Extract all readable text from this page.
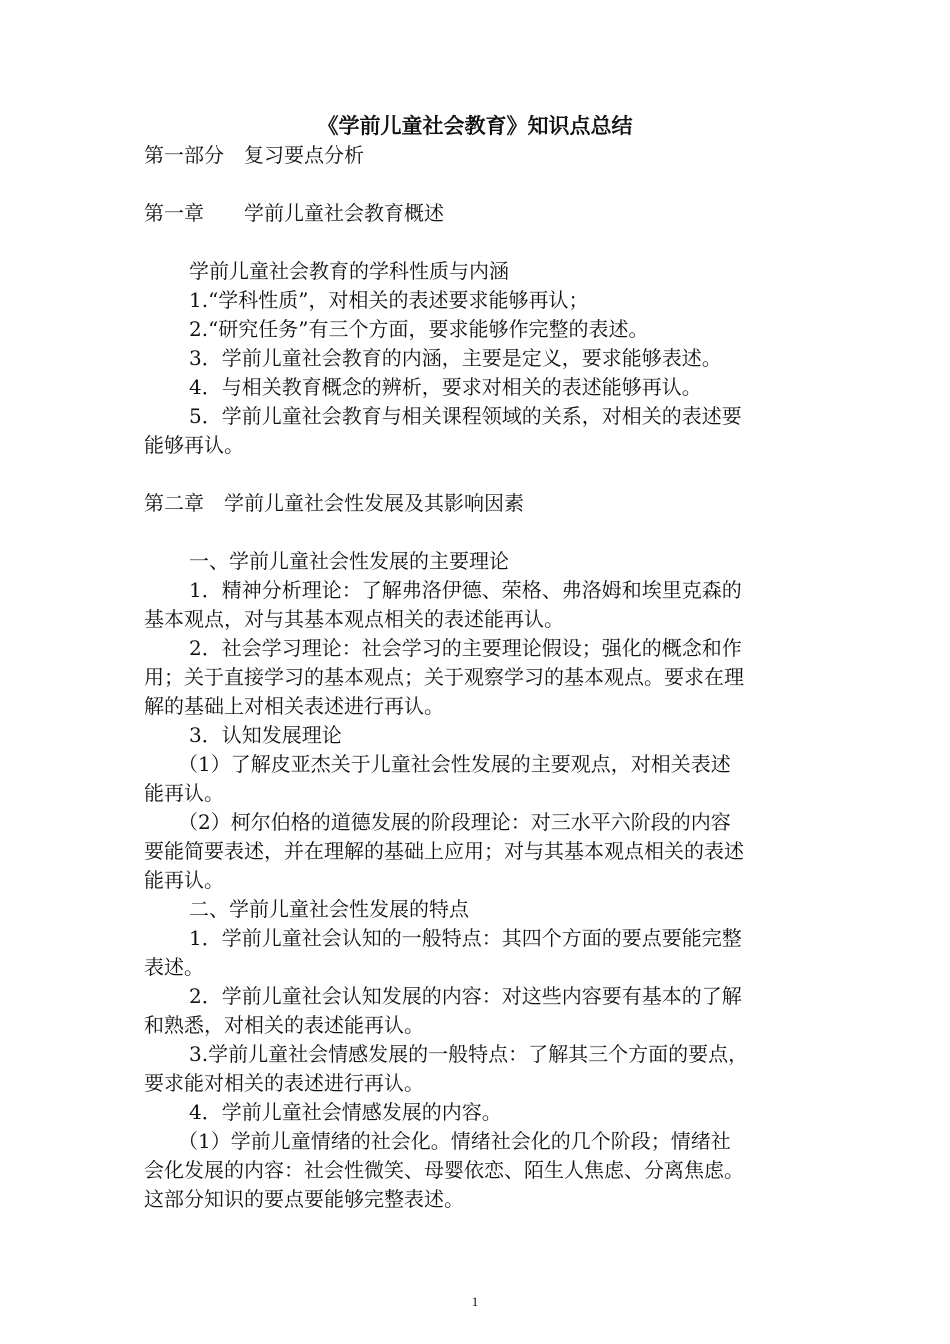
《学前儿童社会教育》知识点总结
第一部分　复习要点分析
第一章　　学前儿童社会教育概述
学前儿童社会教育的学科性质与内涵
1.“学科性质”，对相关的表述要求能够再认；
2.“研究任务”有三个方面，要求能够作完整的表述。
3．学前儿童社会教育的内涵，主要是定义，要求能够表述。
4．与相关教育概念的辨析，要求对相关的表述能够再认。
5．学前儿童社会教育与相关课程领域的关系，对相关的表述要
能够再认。
第二章　学前儿童社会性发展及其影响因素
一、学前儿童社会性发展的主要理论
1．精神分析理论：了解弗洛伊德、荣格、弗洛姆和埃里克森的
基本观点，对与其基本观点相关的表述能再认。
2．社会学习理论：社会学习的主要理论假设；强化的概念和作
用；关于直接学习的基本观点；关于观察学习的基本观点。要求在理
解的基础上对相关表述进行再认。
3．认知发展理论
（1）了解皮亚杰关于儿童社会性发展的主要观点，对相关表述
能再认。
（2）柯尔伯格的道德发展的阶段理论：对三水平六阶段的内容
要能简要表述，并在理解的基础上应用；对与其基本观点相关的表述
能再认。
二、学前儿童社会性发展的特点
1．学前儿童社会认知的一般特点：其四个方面的要点要能完整
表述。
2．学前儿童社会认知发展的内容：对这些内容要有基本的了解
和熟悉，对相关的表述能再认。
3.学前儿童社会情感发展的一般特点：了解其三个方面的要点，
要求能对相关的表述进行再认。
4．学前儿童社会情感发展的内容。
（1）学前儿童情绪的社会化。情绪社会化的几个阶段；情绪社
会化发展的内容：社会性微笑、母婴依恋、陌生人焦虑、分离焦虑。
这部分知识的要点要能够完整表述。
1
